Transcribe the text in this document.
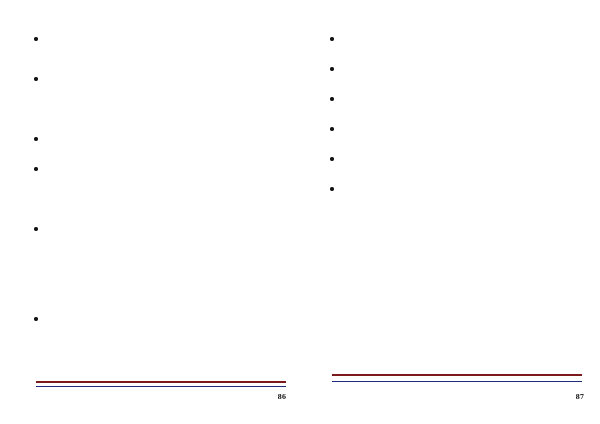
86	87
